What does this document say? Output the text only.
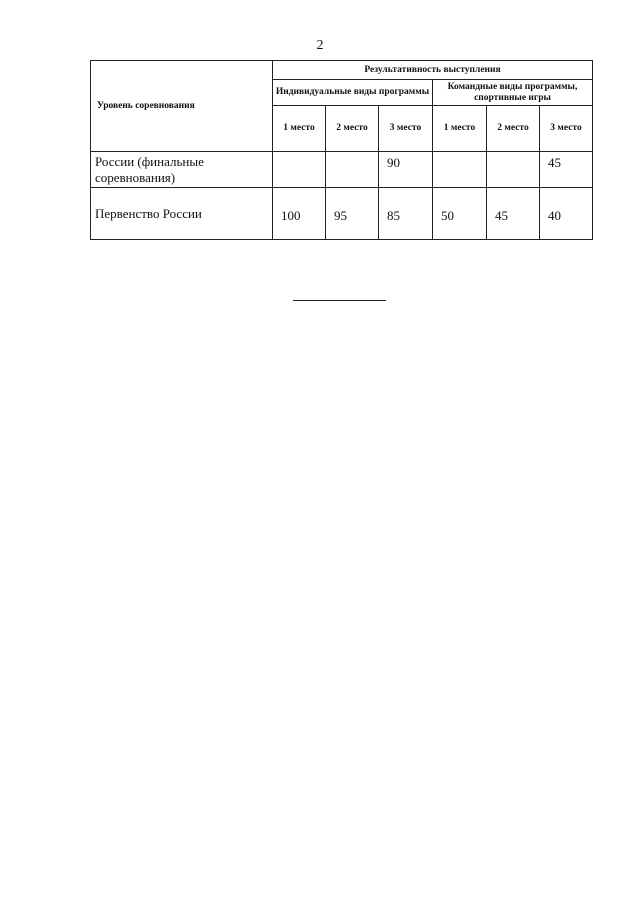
2
Уровень соревнования	Результативность выступления					
	Индивидуальные виды программы			Командные виды программы, спортивные игры		
	1 место	2 место	3 место	1 место	2 место	3 место
России (финальные соревнования)			90			45
Первенство России	100	95	85	50	45	40
